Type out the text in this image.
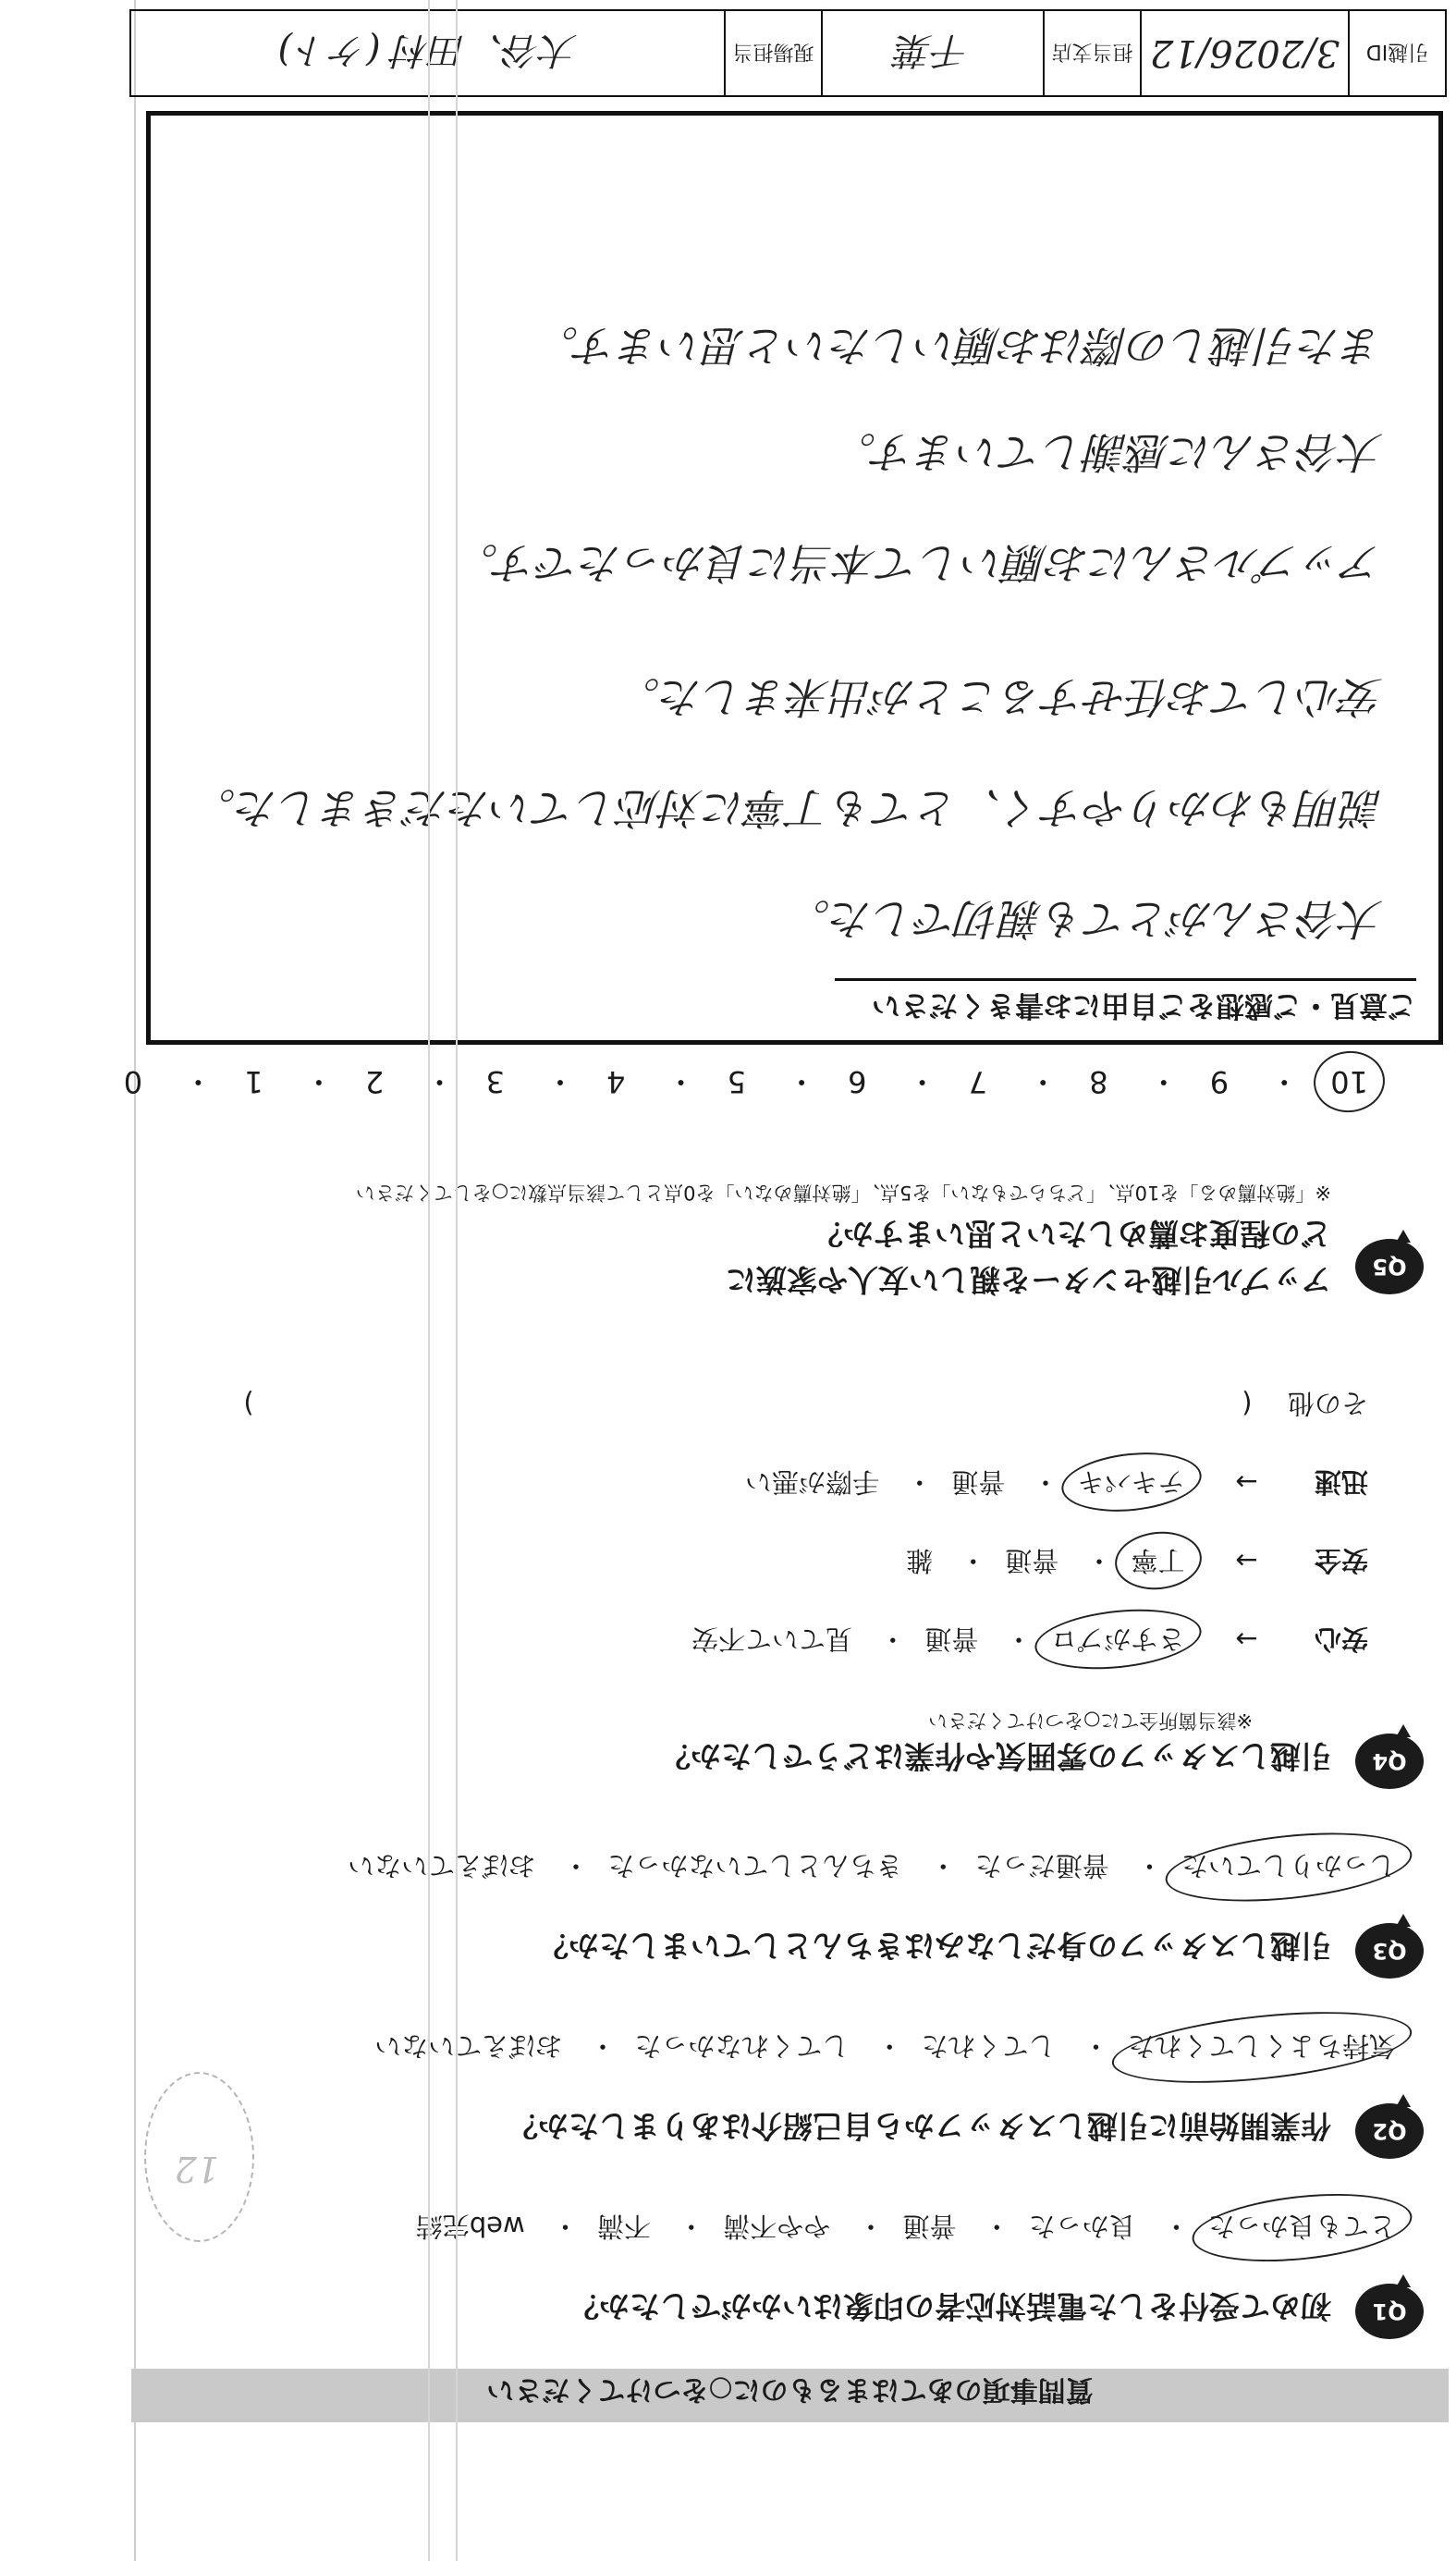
質問事項のあてはまるものに○をつけてください
Q1
初めて受付をした電話対応者の印象はいかがでしたか？
とても良かった・ 良かった・ 普通・ やや不満・ 不満・ web完結
Q2
作業開始前に引越しスタッフから自己紹介はありましたか？
気持ちよくしてくれた・ してくれた・ してくれなかった・ おぼえていない
Q3
引越しスタッフの身だしなみはきちんとしていましたか？
しっかりしていた・ 普通だった・ きちんとしていなかった・ おぼえていない
Q4
引越しスタッフの雰囲気や作業はどうでしたか？
※該当箇所全てに○をつけてください
安心 → さすがプロ・ 普通・ 見ていて不安
安全 → 丁寧・ 普通・ 雑
迅速 → テキパキ・ 普通・ 手際が悪い
その他  (  )
Q5
アップル引越センターを親しい友人や家族に
どの程度お薦めしたいと思いますか？
※「絶対薦める」を10点、「どちらでもない」を5点、「絶対薦めない」を0点として該当点数に○をしてください
10・ 9・ 8・ 7・ 6・ 5・ 4・ 3・ 2・ 1・ 0
ご意見・ご感想をご自由にお書きください
大谷さんがとても親切でした。
説明もわかりやすく、とても丁寧に対応していただきました。
安心してお任せすることが出来ました。
アップルさんにお願いして本当に良かったです。
大谷さんに感謝しています。
また引越しの際はお願いしたいと思います。
引越ID
3/2026/12
担当支店
千葉
現場担当
大谷、田村 (ケト)
12
